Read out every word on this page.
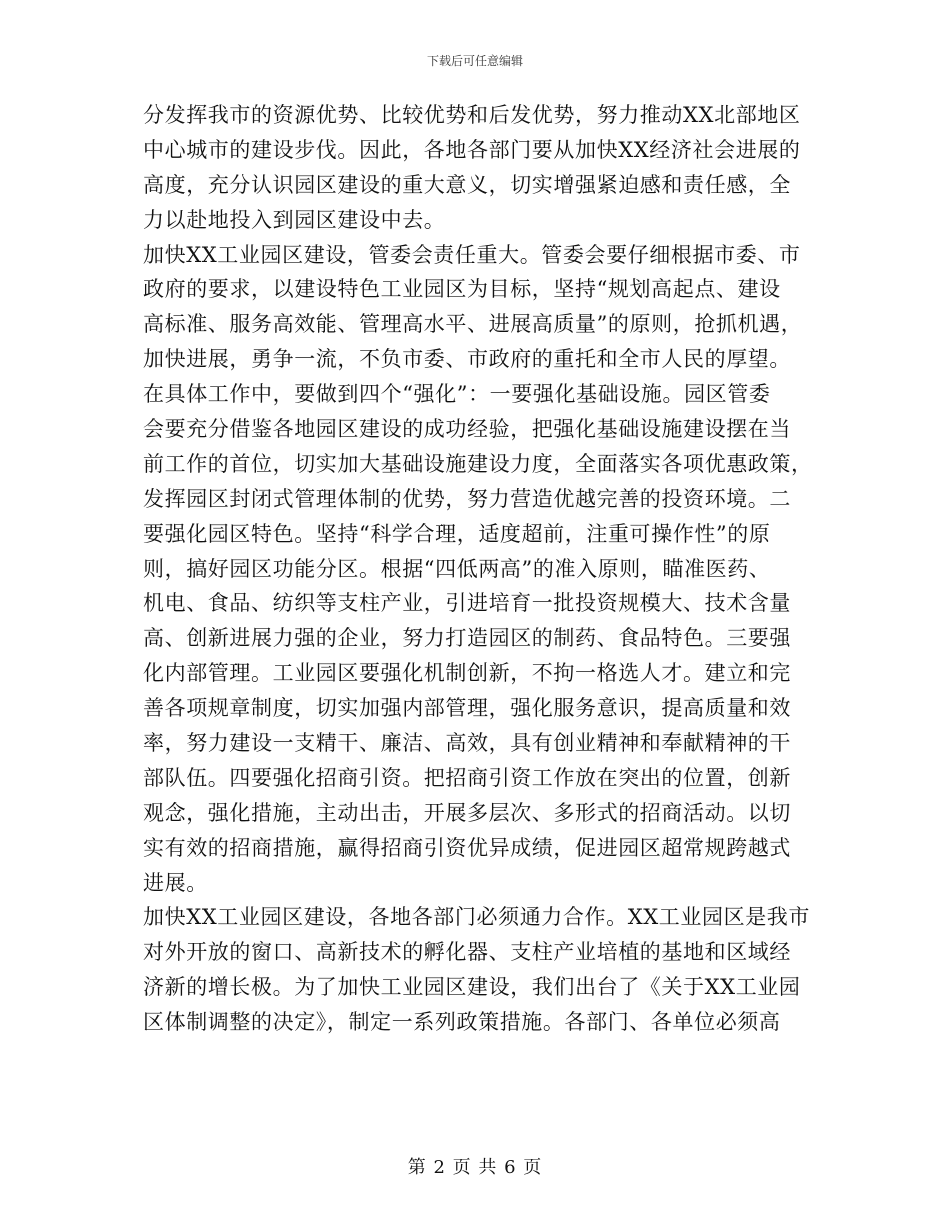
下载后可任意编辑
分发挥我市的资源优势、比较优势和后发优势，努力推动XX北部地区
中心城市的建设步伐。因此，各地各部门要从加快XX经济社会进展的
高度，充分认识园区建设的重大意义，切实增强紧迫感和责任感，全
力以赴地投入到园区建设中去。
加快XX工业园区建设，管委会责任重大。管委会要仔细根据市委、市
政府的要求，以建设特色工业园区为目标，坚持“规划高起点、建设
高标准、服务高效能、管理高水平、进展高质量”的原则，抢抓机遇，
加快进展，勇争一流，不负市委、市政府的重托和全市人民的厚望。
在具体工作中，要做到四个“强化”：一要强化基础设施。园区管委
会要充分借鉴各地园区建设的成功经验，把强化基础设施建设摆在当
前工作的首位，切实加大基础设施建设力度，全面落实各项优惠政策，
发挥园区封闭式管理体制的优势，努力营造优越完善的投资环境。二
要强化园区特色。坚持“科学合理，适度超前，注重可操作性”的原
则，搞好园区功能分区。根据“四低两高”的准入原则，瞄准医药、
机电、食品、纺织等支柱产业，引进培育一批投资规模大、技术含量
高、创新进展力强的企业，努力打造园区的制药、食品特色。三要强
化内部管理。工业园区要强化机制创新，不拘一格选人才。建立和完
善各项规章制度，切实加强内部管理，强化服务意识，提高质量和效
率，努力建设一支精干、廉洁、高效，具有创业精神和奉献精神的干
部队伍。四要强化招商引资。把招商引资工作放在突出的位置，创新
观念，强化措施，主动出击，开展多层次、多形式的招商活动。以切
实有效的招商措施，赢得招商引资优异成绩，促进园区超常规跨越式
进展。
加快XX工业园区建设，各地各部门必须通力合作。XX工业园区是我市
对外开放的窗口、高新技术的孵化器、支柱产业培植的基地和区域经
济新的增长极。为了加快工业园区建设，我们出台了《关于XX工业园
区体制调整的决定》，制定一系列政策措施。各部门、各单位必须高
第 2 页 共 6 页
